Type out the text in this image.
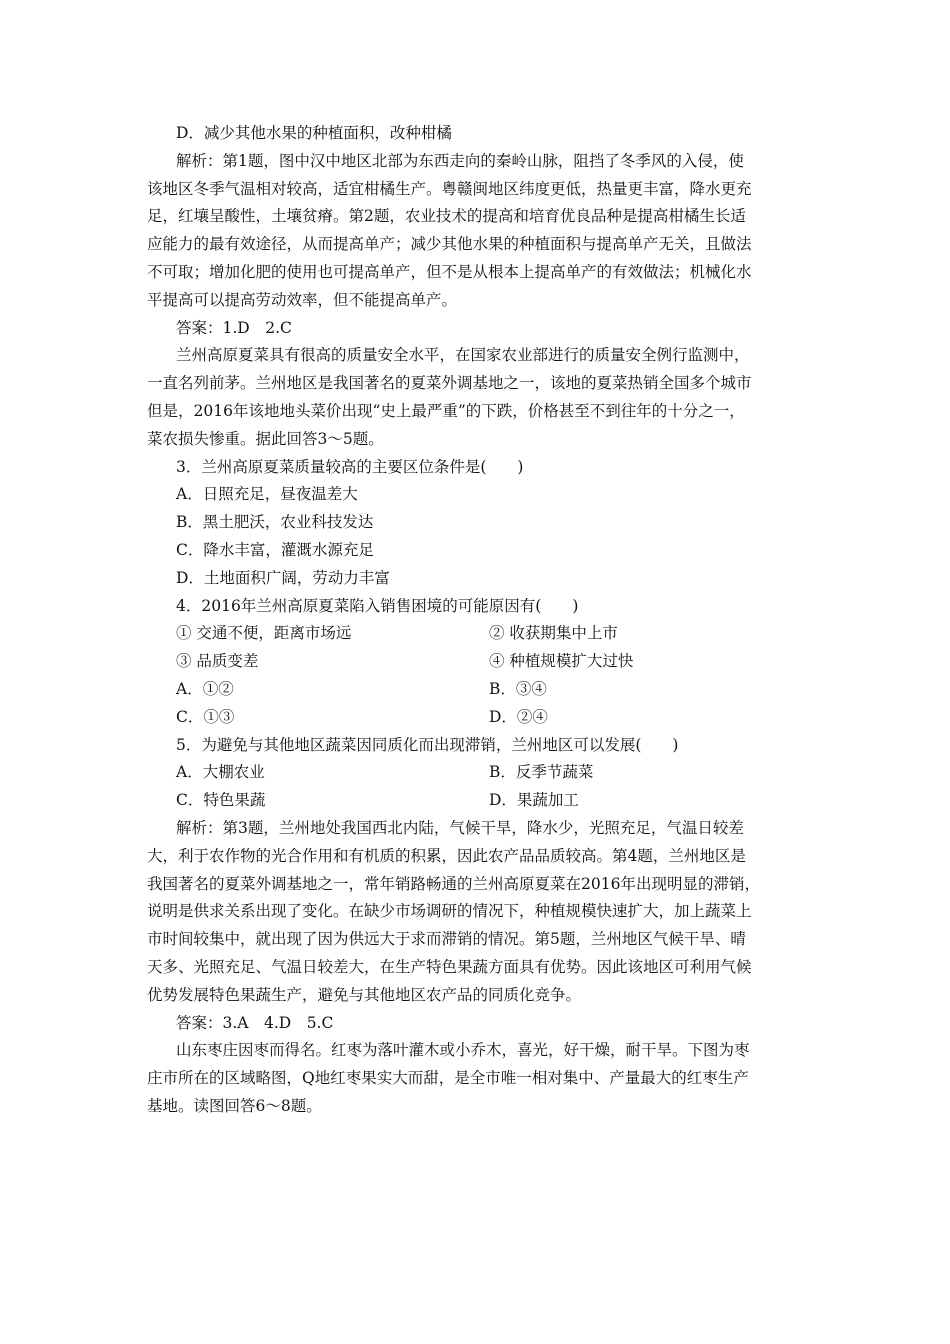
D．减少其他水果的种植面积，改种柑橘
解析：第1题，图中汉中地区北部为东西走向的秦岭山脉，阻挡了冬季风的入侵，使
该地区冬季气温相对较高，适宜柑橘生产。粤赣闽地区纬度更低，热量更丰富，降水更充
足，红壤呈酸性，土壤贫瘠。第2题，农业技术的提高和培育优良品种是提高柑橘生长适
应能力的最有效途径，从而提高单产；减少其他水果的种植面积与提高单产无关，且做法
不可取；增加化肥的使用也可提高单产，但不是从根本上提高单产的有效做法；机械化水
平提高可以提高劳动效率，但不能提高单产。
答案：1.D　2.C
兰州高原夏菜具有很高的质量安全水平，在国家农业部进行的质量安全例行监测中，
一直名列前茅。兰州地区是我国著名的夏菜外调基地之一，该地的夏菜热销全国多个城市
但是，2016年该地地头菜价出现“史上最严重”的下跌，价格甚至不到往年的十分之一，
菜农损失惨重。据此回答3～5题。
3．兰州高原夏菜质量较高的主要区位条件是(　　)
A．日照充足，昼夜温差大
B．黑土肥沃，农业科技发达
C．降水丰富，灌溉水源充足
D．土地面积广阔，劳动力丰富
4．2016年兰州高原夏菜陷入销售困境的可能原因有(　　)
① 交通不便，距离市场远	② 收获期集中上市
③ 品质变差	④ 种植规模扩大过快
A．①②	B．③④
C．①③	D．②④
5．为避免与其他地区蔬菜因同质化而出现滞销，兰州地区可以发展(　　)
A．大棚农业	B．反季节蔬菜
C．特色果蔬	D．果蔬加工
解析：第3题，兰州地处我国西北内陆，气候干旱，降水少，光照充足，气温日较差
大，利于农作物的光合作用和有机质的积累，因此农产品品质较高。第4题，兰州地区是
我国著名的夏菜外调基地之一，常年销路畅通的兰州高原夏菜在2016年出现明显的滞销，
说明是供求关系出现了变化。在缺少市场调研的情况下，种植规模快速扩大，加上蔬菜上
市时间较集中，就出现了因为供远大于求而滞销的情况。第5题，兰州地区气候干旱、晴
天多、光照充足、气温日较差大，在生产特色果蔬方面具有优势。因此该地区可利用气候
优势发展特色果蔬生产，避免与其他地区农产品的同质化竞争。
答案：3.A　4.D　5.C
山东枣庄因枣而得名。红枣为落叶灌木或小乔木，喜光，好干燥，耐干旱。下图为枣
庄市所在的区域略图，Q地红枣果实大而甜，是全市唯一相对集中、产量最大的红枣生产
基地。读图回答6～8题。
